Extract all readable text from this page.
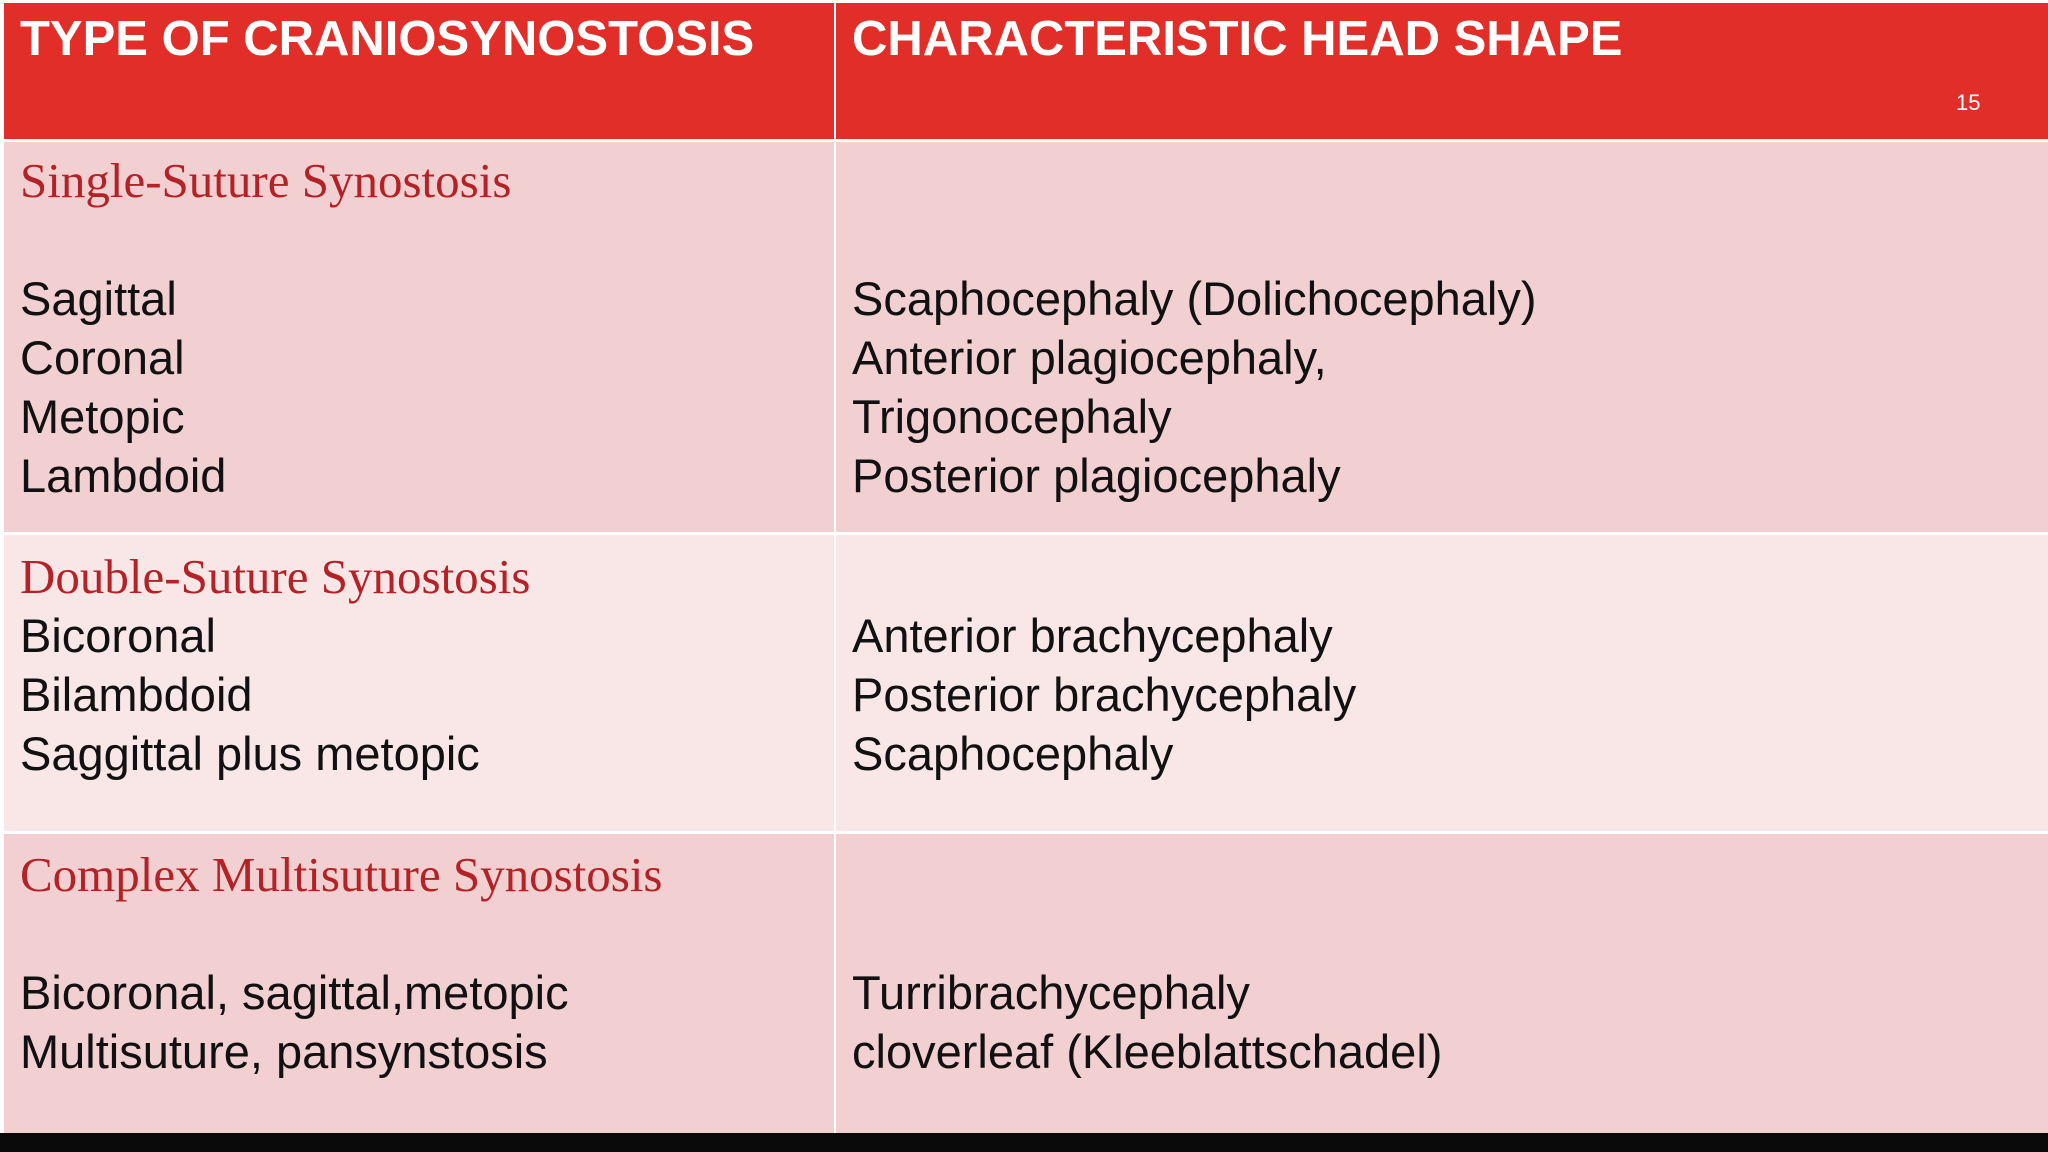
TYPE OF CRANIOSYNOSTOSIS	CHARACTERISTIC HEAD SHAPE
15
Single-Suture Synostosis
Sagittal
Coronal
Metopic
Lambdoid
Scaphocephaly (Dolichocephaly)
Anterior plagiocephaly,
Trigonocephaly
Posterior plagiocephaly
Double-Suture Synostosis
Bicoronal
Bilambdoid
Saggittal plus metopic
Anterior brachycephaly
Posterior brachycephaly
Scaphocephaly
Complex Multisuture Synostosis
Bicoronal, sagittal,metopic
Multisuture, pansynstosis
Turribrachycephaly
cloverleaf (Kleeblattschadel)
